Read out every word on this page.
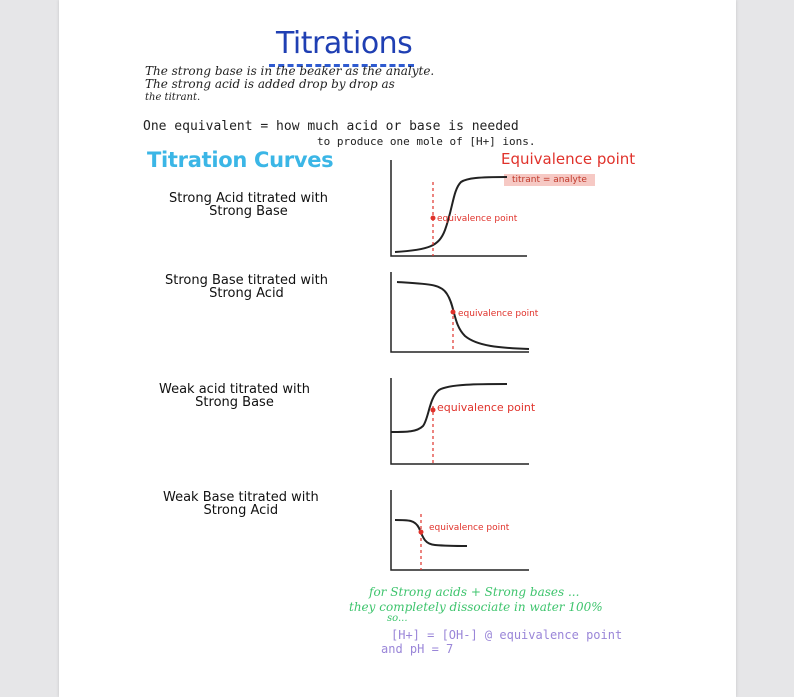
Titrations
The strong base is in the beaker as the analyte.
The strong acid is added drop by drop as
the titrant.
One equivalent = how much acid or base is needed
to produce one mole of [H+] ions.
Titration Curves	Equivalence point
titrant = analyte
Strong Acid titrated with
Strong Base	equivalence point
Strong Base titrated with
Strong Acid
equivalence point
Weak acid titrated with
Strong Base	equivalence point
Weak Base titrated with
Strong Acid
equivalence point
for Strong acids + Strong bases ...
they completely dissociate in water 100%
so...
[H+] = [OH-] @ equivalence point
and pH = 7
